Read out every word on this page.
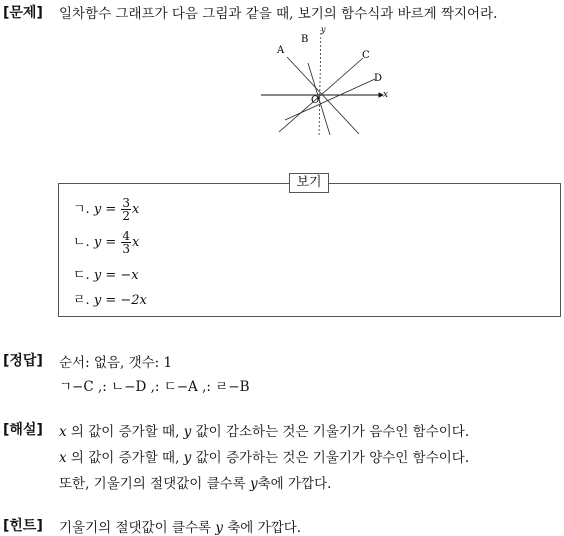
[문제] 일차함수 그래프가 다음 그림과 같을 때, 보기의 함수식과 바르게 짝지어라.
A
B
C
D
O	x
y
보기
ㄱ. $y = \frac{3}{2}$ x
ㄴ. $y = \frac{4}{3}$ x
ㄷ. y = −x
ㄹ. y = −2x
[정답] 순서: 없음, 갯수: 1
ㄱ−C ,: ㄴ−D ,: ㄷ−A ,: ㄹ−B
[해설] x 의 값이 증가할 때, y 값이 감소하는 것은 기울기가 음수인 함수이다.
x 의 값이 증가할 때, y 값이 증가하는 것은 기울기가 양수인 함수이다.
또한, 기울기의 절댓값이 클수록 y축에 가깝다.
[힌트] 기울기의 절댓값이 클수록 y 축에 가깝다.
